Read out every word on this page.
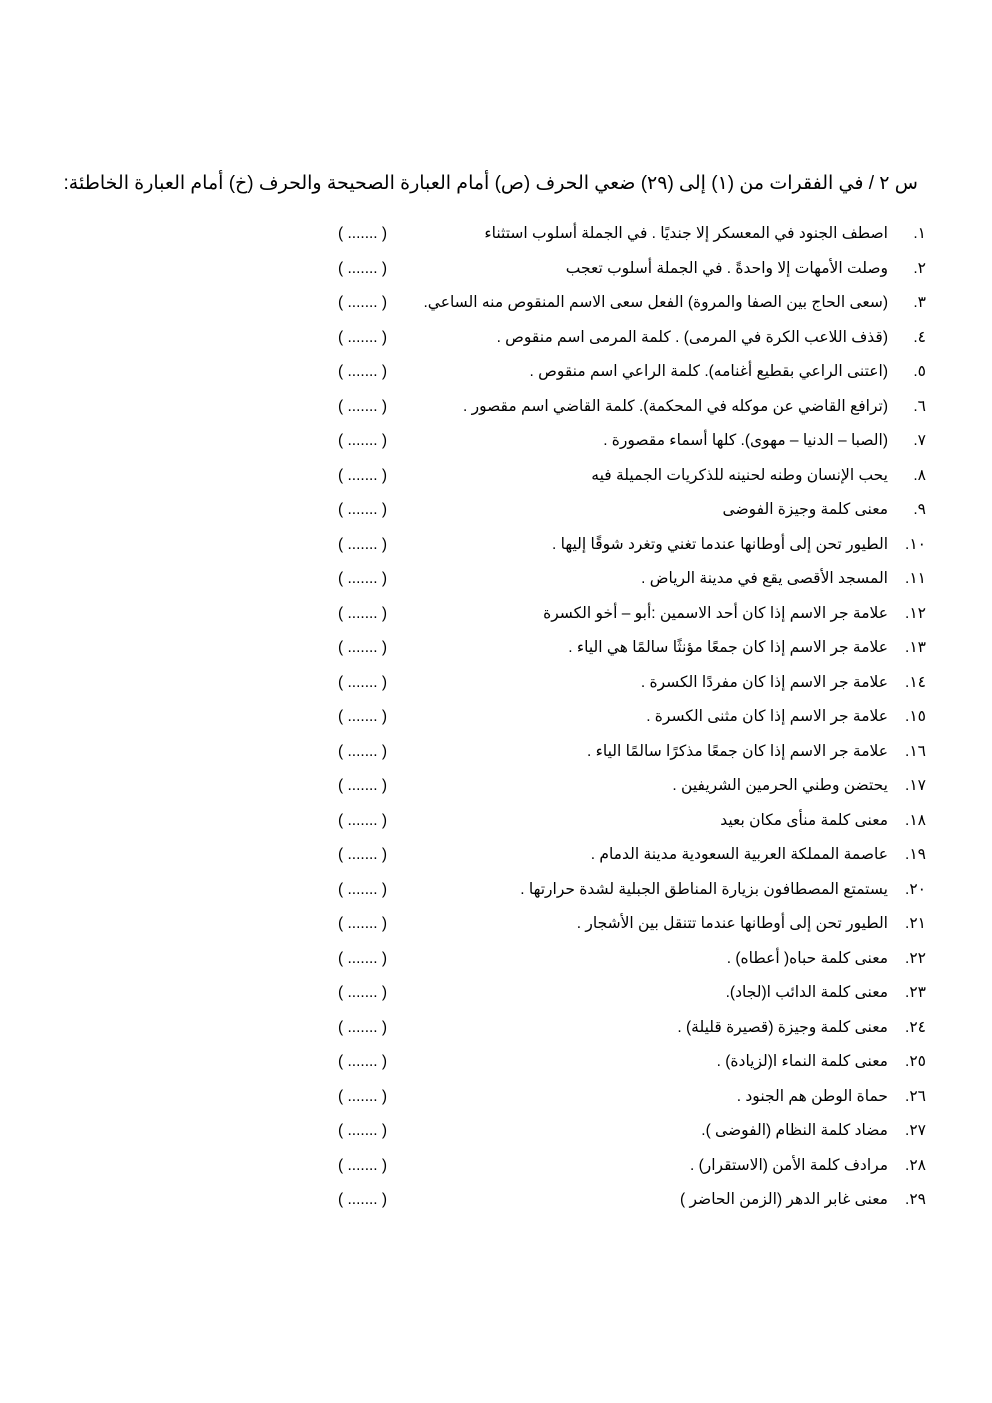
س ٢ / في الفقرات من (١) إلى (٢٩) ضعي الحرف (ص) أمام العبارة الصحيحة والحرف (خ) أمام العبارة الخاطئة:
١.
اصطف الجنود في المعسكر إلا جنديًا . في الجملة أسلوب استثناء
( ....... )
٢.
وصلت الأمهات إلا واحدةً . في الجملة أسلوب تعجب
( ....... )
٣.
(سعى الحاج بين الصفا والمروة) الفعل سعى الاسم المنقوص منه الساعي.
( ....... )
٤.
(قذف اللاعب الكرة في المرمى) . كلمة المرمى اسم منقوص .
( ....... )
٥.
(اعتنى الراعي بقطيع أغنامه). كلمة الراعي اسم منقوص .
( ....... )
٦.
(ترافع القاضي عن موكله في المحكمة). كلمة القاضي اسم مقصور .
( ....... )
٧.
(الصبا – الدنيا – مهوى). كلها أسماء مقصورة .
( ....... )
٨.
يحب الإنسان وطنه لحنينه للذكريات الجميلة فيه
( ....... )
٩.
معنى كلمة وجيزة الفوضى
( ....... )
١٠.
الطيور تحن إلى أوطانها عندما تغني وتغرد شوقًا إليها .
( ....... )
١١.
المسجد الأقصى يقع في مدينة الرياض .
( ....... )
١٢.
علامة جر الاسم إذا كان أحد الاسمين :أبو – أخو الكسرة
( ....... )
١٣.
علامة جر الاسم إذا كان جمعًا مؤنثًا سالمًا هي الياء .
( ....... )
١٤.
علامة جر الاسم إذا كان مفردًا الكسرة .
( ....... )
١٥.
علامة جر الاسم إذا كان مثنى الكسرة .
( ....... )
١٦.
علامة جر الاسم إذا كان جمعًا مذكرًا سالمًا الياء .
( ....... )
١٧.
يحتضن وطني الحرمين الشريفين .
( ....... )
١٨.
معنى كلمة منأى مكان بعيد
( ....... )
١٩.
عاصمة المملكة العربية السعودية مدينة الدمام .
( ....... )
٢٠.
يستمتع المصطافون بزيارة المناطق الجبلية لشدة حرارتها .
( ....... )
٢١.
الطيور تحن إلى أوطانها عندما تتنقل بين الأشجار .
( ....... )
٢٢.
معنى كلمة حباه( أعطاه) .
( ....... )
٢٣.
معنى كلمة الدائب ا(لجاد).
( ....... )
٢٤.
معنى كلمة وجيزة (قصيرة قليلة) .
( ....... )
٢٥.
معنى كلمة النماء ا(لزيادة) .
( ....... )
٢٦.
حماة الوطن هم الجنود .
( ....... )
٢٧.
مضاد كلمة النظام (الفوضى ).
( ....... )
٢٨.
مرادف كلمة الأمن (الاستقرار) .
( ....... )
٢٩.
معنى غابر الدهر (الزمن الحاضر )
( ....... )
